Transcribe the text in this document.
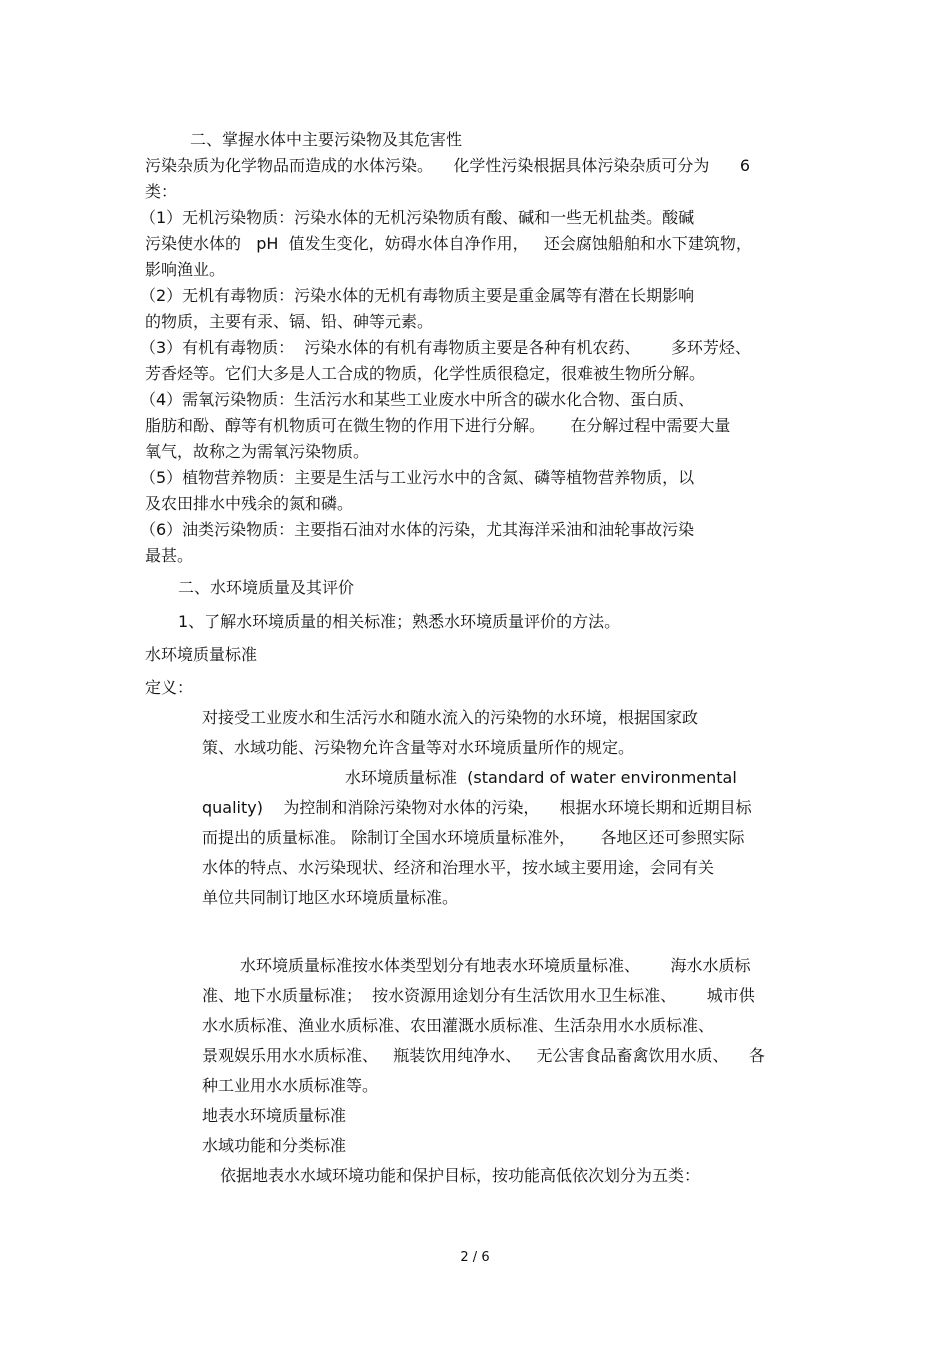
二、掌握水体中主要污染物及其危害性

污染杂质为化学物品而造成的水体污染。    化学性污染根据具体污染杂质可分为      6

类：

（1）无机污染物质：污染水体的无机污染物质有酸、碱和一些无机盐类。酸碱

污染使水体的   pH  值发生变化，妨碍水体自净作用，   还会腐蚀船舶和水下建筑物，

影响渔业。

（2）无机有毒物质：污染水体的无机有毒物质主要是重金属等有潜在长期影响

的物质，主要有汞、镉、铅、砷等元素。

（3）有机有毒物质：  污染水体的有机有毒物质主要是各种有机农药、      多环芳烃、

芳香烃等。它们大多是人工合成的物质，化学性质很稳定，很难被生物所分解。

（4）需氧污染物质：生活污水和某些工业废水中所含的碳水化合物、蛋白质、

脂肪和酚、醇等有机物质可在微生物的作用下进行分解。     在分解过程中需要大量

氧气，故称之为需氧污染物质。

（5）植物营养物质：主要是生活与工业污水中的含氮、磷等植物营养物质，以

及农田排水中残余的氮和磷。

（6）油类污染物质：主要指石油对水体的污染，尤其海洋采油和油轮事故污染

最甚。

二、水环境质量及其评价

1、了解水环境质量的相关标准；熟悉水环境质量评价的方法。

水环境质量标准

定义：

对接受工业废水和生活污水和随水流入的污染物的水环境，根据国家政

策、水域功能、污染物允许含量等对水环境质量所作的规定。

水环境质量标准  (standard of water environmental

quality)    为控制和消除污染物对水体的污染，    根据水环境长期和近期目标

而提出的质量标准。 除制订全国水环境质量标准外，     各地区还可参照实际

水体的特点、水污染现状、经济和治理水平，按水域主要用途，会同有关

单位共同制订地区水环境质量标准。

水环境质量标准按水体类型划分有地表水环境质量标准、      海水水质标

准、地下水质量标准；  按水资源用途划分有生活饮用水卫生标准、      城市供

水水质标准、渔业水质标准、农田灌溉水质标准、生活杂用水水质标准、

景观娱乐用水水质标准、   瓶装饮用纯净水、   无公害食品畜禽饮用水质、    各

种工业用水水质标准等。

地表水环境质量标准

水域功能和分类标准

依据地表水水域环境功能和保护目标，按功能高低依次划分为五类：

2 / 6
